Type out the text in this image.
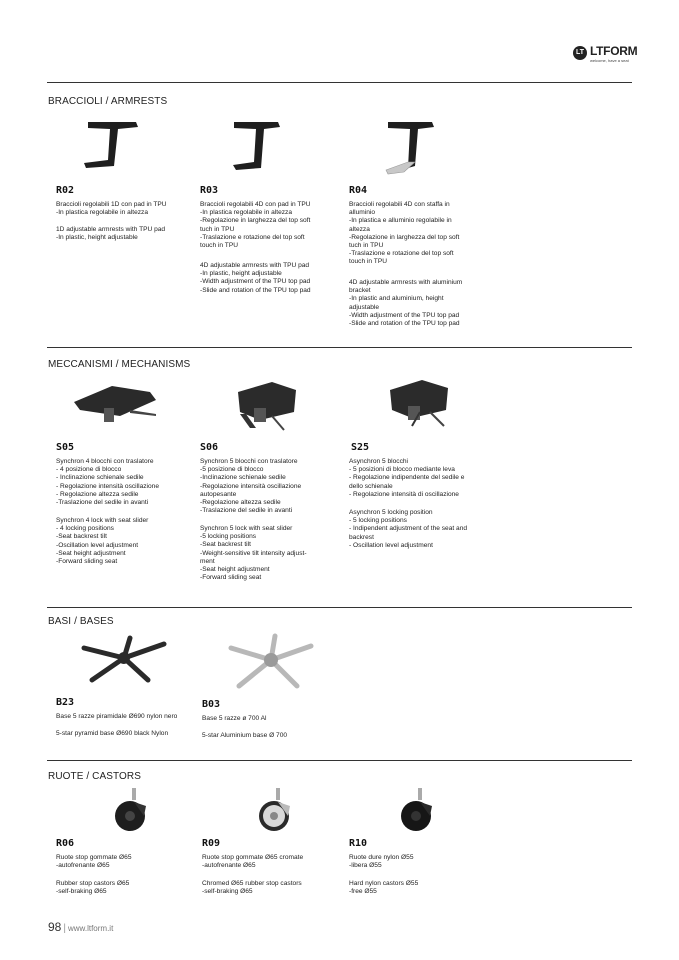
LT LTFORM
welcome, have a seat
BRACCIOLI / ARMRESTS
R02
Braccioli regolabili 1D con pad in TPU
-In plastica regolabile in altezza
1D adjustable armrests with TPU pad
-In plastic, height adjustable
R03
Braccioli regolabili 4D con pad in TPU
-In plastica regolabile in altezza
-Regolazione in larghezza del top soft
tuch in TPU
-Traslazione e rotazione del top soft
touch in TPU
4D adjustable armrests with TPU pad
-In plastic, height adjustable
-Width adjustment of the TPU top pad
-Slide and rotation of the TPU top pad
R04
Braccioli regolabili 4D con staffa in
alluminio
-In plastica e alluminio regolabile in
altezza
-Regolazione in larghezza del top soft
tuch in TPU
-Traslazione e rotazione del top soft
touch in TPU
4D adjustable armrests with aluminium
bracket
-In plastic and aluminium, height
adjustable
-Width adjustment of the TPU top pad
-Slide and rotation of the TPU top pad
MECCANISMI / MECHANISMS
S05
Synchron 4 blocchi con traslatore
- 4 posizione di blocco
- Inclinazione schienale sedile
- Regolazione intensità oscillazione
- Regolazione altezza sedile
-Traslazione del sedile in avanti
Synchron 4 lock with seat slider
- 4 locking positions
-Seat backrest tilt
-Oscillation level adjustment
-Seat height adjustment
-Forward sliding seat
S06
Synchron 5 blocchi con traslatore
-5 posizione di blocco
-Inclinazione schienale sedile
-Regolazione intensità oscillazione
autopesante
-Regolazione altezza sedile
-Traslazione del sedile in avanti
Synchron 5 lock with seat slider
-5 locking positions
-Seat backrest tilt
-Weight-sensitive tilt intensity adjust-
ment
-Seat height adjustment
-Forward sliding seat
S25
Asynchron 5 blocchi
- 5 posizioni di blocco mediante leva
- Regolazione indipendente del sedile e
dello schienale
- Regolazione intensità di oscillazione
Asynchron 5 locking position
- 5 locking positions
- Indipendent adjustment of the seat and
backrest
- Oscillation level adjustment
BASI / BASES
B23
Base 5 razze piramidale Ø690 nylon nero
5-star pyramid base Ø690 black Nylon
B03
Base 5 razze ø 700 Al
5-star Aluminium base Ø 700
RUOTE / CASTORS
R06
Ruote stop gommate Ø65
-autofrenante Ø65
Rubber stop castors Ø65
-self-braking Ø65
R09
Ruote stop gommate Ø65 cromate
-autofrenante Ø65
Chromed Ø65 rubber stop castors
-self-braking Ø65
R10
Ruote dure nylon Ø55
-libera Ø55
Hard nylon castors Ø55
-free Ø55
98 | www.ltform.it
